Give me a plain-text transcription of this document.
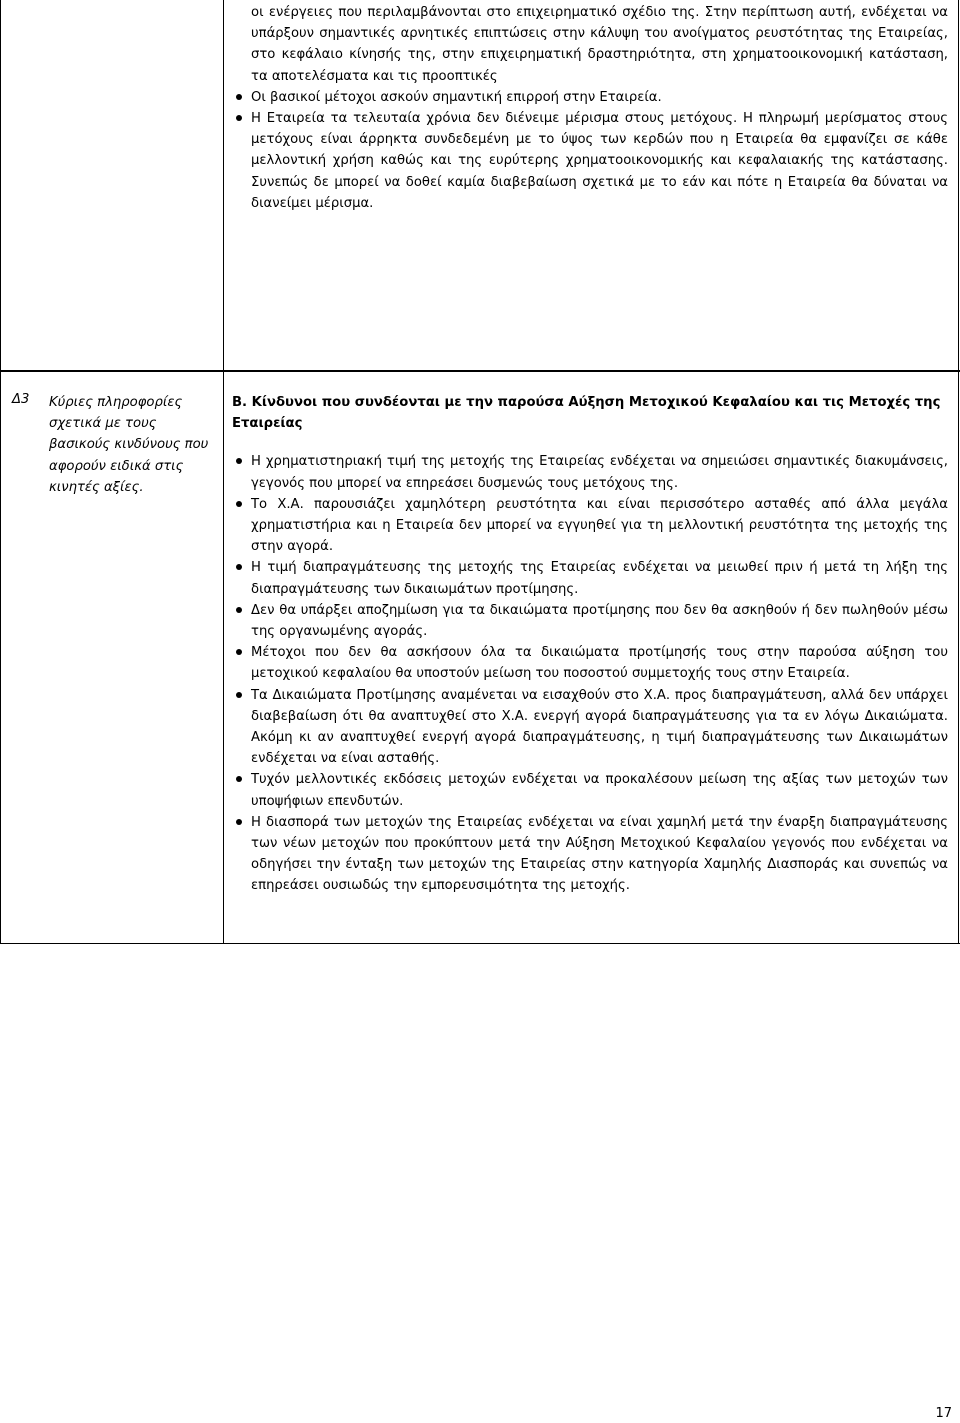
οι ενέργειες που περιλαμβάνονται στο επιχειρηματικό σχέδιο της. Στην περίπτωση αυτή, ενδέχεται να υπάρξουν σημαντικές αρνητικές επιπτώσεις στην κάλυψη του ανοίγματος ρευστότητας της Εταιρείας, στο κεφάλαιο κίνησής της, στην επιχειρηματική δραστηριότητα, στη χρηματοοικονομική κατάσταση, τα αποτελέσματα και τις προοπτικές

Οι βασικοί μέτοχοι ασκούν σημαντική επιρροή στην Εταιρεία.
Η Εταιρεία τα τελευταία χρόνια δεν διένειμε μέρισμα στους μετόχους. Η πληρωμή μερίσματος στους μετόχους είναι άρρηκτα συνδεδεμένη με το ύψος των κερδών που η Εταιρεία θα εμφανίζει σε κάθε μελλοντική χρήση καθώς και της ευρύτερης χρηματοοικονομικής και κεφαλαιακής της κατάστασης. Συνεπώς δε μπορεί να δοθεί καμία διαβεβαίωση σχετικά με το εάν και πότε η Εταιρεία θα δύναται να διανείμει μέρισμα.
Δ3 Κύριες πληροφορίες σχετικά με τους βασικούς κινδύνους που αφορούν ειδικά στις κινητές αξίες.
Β. Κίνδυνοι που συνδέονται με την παρούσα Αύξηση Μετοχικού Κεφαλαίου και τις Μετοχές της Εταιρείας
Η χρηματιστηριακή τιμή της μετοχής της Εταιρείας ενδέχεται να σημειώσει σημαντικές διακυμάνσεις, γεγονός που μπορεί να επηρεάσει δυσμενώς τους μετόχους της.
Το Χ.Α. παρουσιάζει χαμηλότερη ρευστότητα και είναι περισσότερο ασταθές από άλλα μεγάλα χρηματιστήρια και η Εταιρεία δεν μπορεί να εγγυηθεί για τη μελλοντική ρευστότητα της μετοχής της στην αγορά.
Η τιμή διαπραγμάτευσης της μετοχής της Εταιρείας ενδέχεται να μειωθεί πριν ή μετά τη λήξη της διαπραγμάτευσης των δικαιωμάτων προτίμησης.
Δεν θα υπάρξει αποζημίωση για τα δικαιώματα προτίμησης που δεν θα ασκηθούν ή δεν πωληθούν μέσω της οργανωμένης αγοράς.
Μέτοχοι που δεν θα ασκήσουν όλα τα δικαιώματα προτίμησής τους στην παρούσα αύξηση του μετοχικού κεφαλαίου θα υποστούν μείωση του ποσοστού συμμετοχής τους στην Εταιρεία.
Τα Δικαιώματα Προτίμησης αναμένεται να εισαχθούν στο Χ.Α. προς διαπραγμάτευση, αλλά δεν υπάρχει διαβεβαίωση ότι θα αναπτυχθεί στο Χ.Α. ενεργή αγορά διαπραγμάτευσης για τα εν λόγω Δικαιώματα. Ακόμη κι αν αναπτυχθεί ενεργή αγορά διαπραγμάτευσης, η τιμή διαπραγμάτευσης των Δικαιωμάτων ενδέχεται να είναι ασταθής.
Τυχόν μελλοντικές εκδόσεις μετοχών ενδέχεται να προκαλέσουν μείωση της αξίας των μετοχών των υποψήφιων επενδυτών.
Η διασπορά των μετοχών της Εταιρείας ενδέχεται να είναι χαμηλή μετά την έναρξη διαπραγμάτευσης των νέων μετοχών που προκύπτουν μετά την Αύξηση Μετοχικού Κεφαλαίου γεγονός που ενδέχεται να οδηγήσει την ένταξη των μετοχών της Εταιρείας στην κατηγορία Χαμηλής Διασποράς και συνεπώς να επηρεάσει ουσιωδώς την εμπορευσιμότητα της μετοχής.
17
